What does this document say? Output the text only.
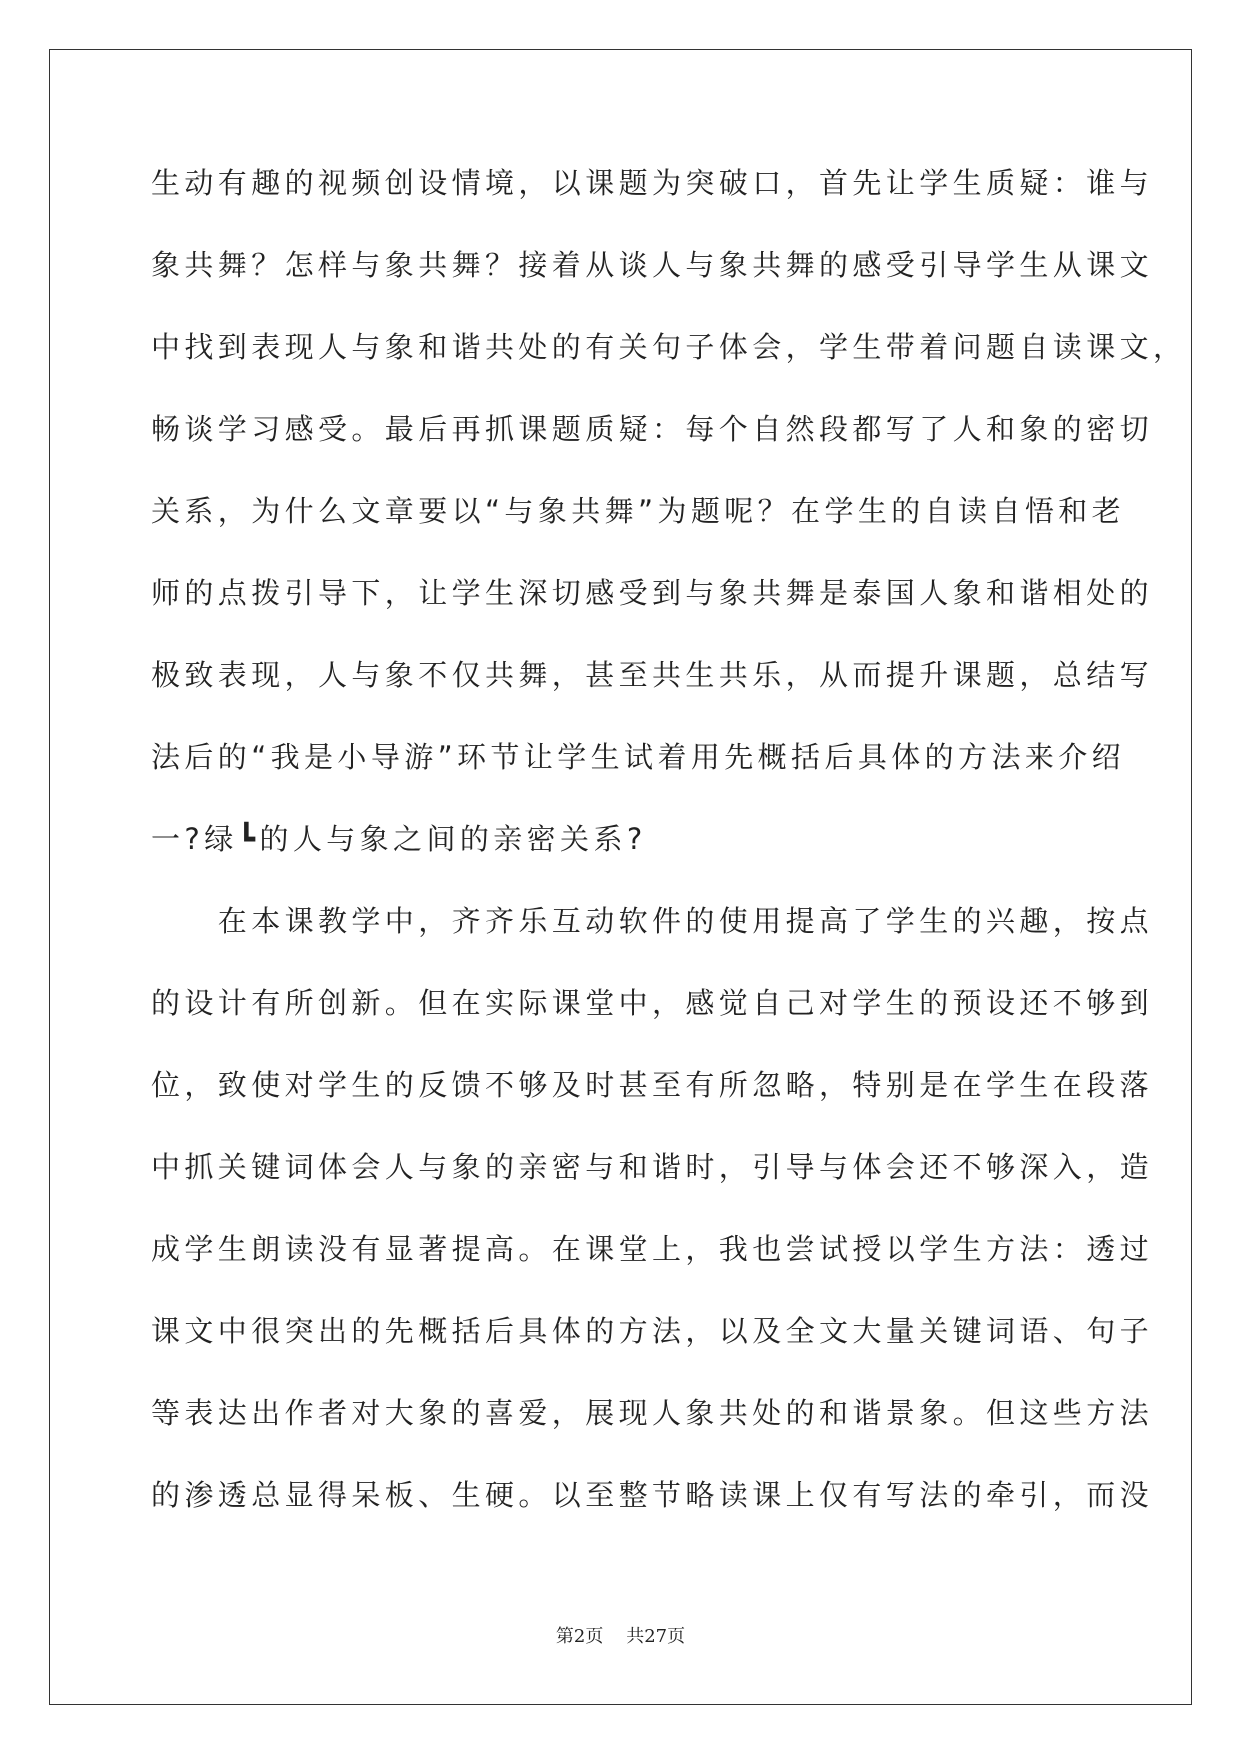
生动有趣的视频创设情境，以课题为突破口，首先让学生质疑：谁与
象共舞？怎样与象共舞？接着从谈人与象共舞的感受引导学生从课文
中找到表现人与象和谐共处的有关句子体会，学生带着问题自读课文，
畅谈学习感受。最后再抓课题质疑：每个自然段都写了人和象的密切
关系，为什么文章要以“与象共舞”为题呢？在学生的自读自悟和老
师的点拨引导下，让学生深切感受到与象共舞是泰国人象和谐相处的
极致表现，人与象不仅共舞，甚至共生共乐，从而提升课题，总结写
法后的“我是小导游”环节让学生试着用先概括后具体的方法来介绍
一?绿┗的人与象之间的亲密关系?
　　在本课教学中，齐齐乐互动软件的使用提高了学生的兴趣，按点
的设计有所创新。但在实际课堂中，感觉自己对学生的预设还不够到
位，致使对学生的反馈不够及时甚至有所忽略，特别是在学生在段落
中抓关键词体会人与象的亲密与和谐时，引导与体会还不够深入，造
成学生朗读没有显著提高。在课堂上，我也尝试授以学生方法：透过
课文中很突出的先概括后具体的方法，以及全文大量关键词语、句子
等表达出作者对大象的喜爱，展现人象共处的和谐景象。但这些方法
的渗透总显得呆板、生硬。以至整节略读课上仅有写法的牵引，而没
第2页 共27页
